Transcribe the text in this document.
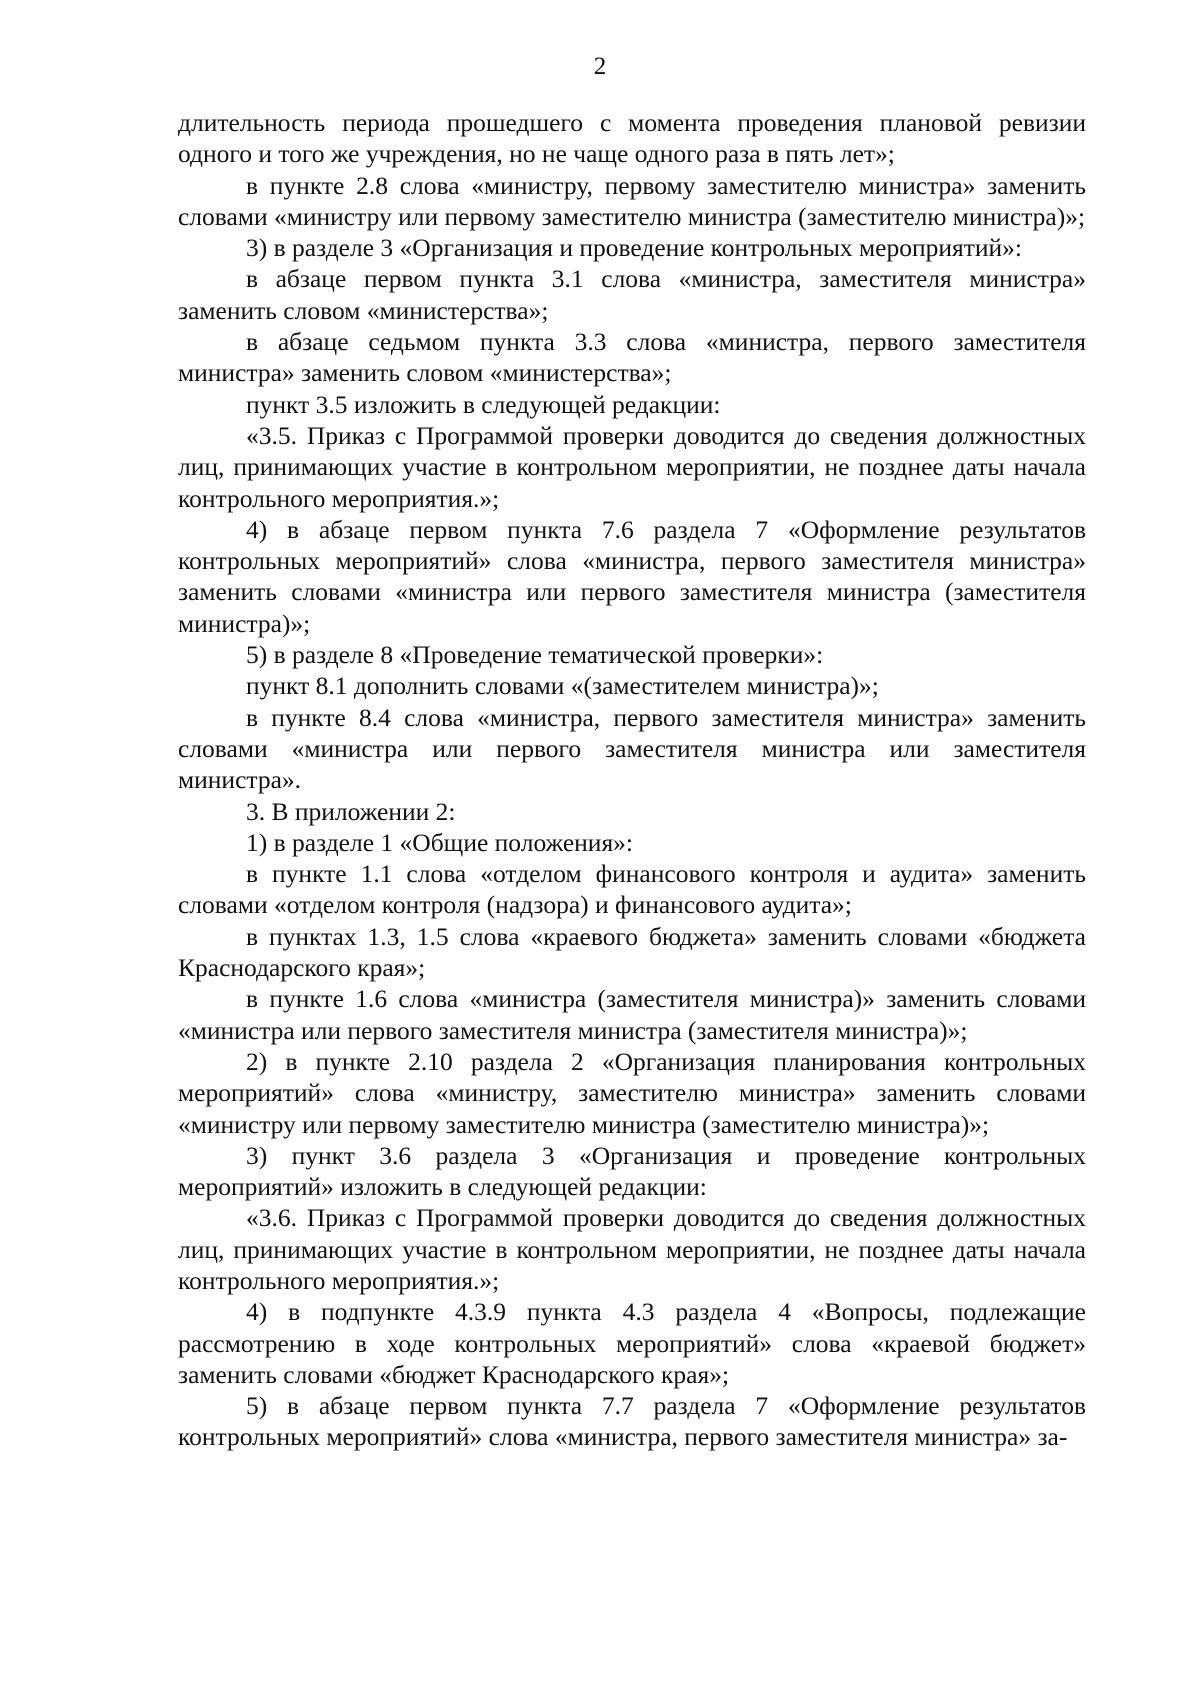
2

длительность периода прошедшего с момента проведения плановой ревизии одного и того же учреждения, но не чаще одного раза в пять лет»;

в пункте 2.8 слова «министру, первому заместителю министра» заменить словами «министру или первому заместителю министра (заместителю министра)»;

3) в разделе 3 «Организация и проведение контрольных мероприятий»:

в абзаце первом пункта 3.1 слова «министра, заместителя министра» заменить словом «министерства»;

в абзаце седьмом пункта 3.3 слова «министра, первого заместителя министра» заменить словом «министерства»;

пункт 3.5 изложить в следующей редакции:

«3.5. Приказ с Программой проверки доводится до сведения должностных лиц, принимающих участие в контрольном мероприятии, не позднее даты начала контрольного мероприятия.»;

4) в абзаце первом пункта 7.6 раздела 7 «Оформление результатов контрольных мероприятий» слова «министра, первого заместителя министра» заменить словами «министра или первого заместителя министра (заместителя министра)»;

5) в разделе 8 «Проведение тематической проверки»:

пункт 8.1 дополнить словами «(заместителем министра)»;

в пункте 8.4 слова «министра, первого заместителя министра» заменить словами «министра или первого заместителя министра или заместителя министра».

3. В приложении 2:

1) в разделе 1 «Общие положения»:

в пункте 1.1 слова «отделом финансового контроля и аудита» заменить словами «отделом контроля (надзора) и финансового аудита»;

в пунктах 1.3, 1.5 слова «краевого бюджета» заменить словами «бюджета Краснодарского края»;

в пункте 1.6 слова «министра (заместителя министра)» заменить словами «министра или первого заместителя министра (заместителя министра)»;

2) в пункте 2.10 раздела 2 «Организация планирования контрольных мероприятий» слова «министру, заместителю министра» заменить словами «министру или первому заместителю министра (заместителю министра)»;

3) пункт 3.6 раздела 3 «Организация и проведение контрольных мероприятий» изложить в следующей редакции:

«3.6. Приказ с Программой проверки доводится до сведения должностных лиц, принимающих участие в контрольном мероприятии, не позднее даты начала контрольного мероприятия.»;

4) в подпункте 4.3.9 пункта 4.3 раздела 4 «Вопросы, подлежащие рассмотрению в ходе контрольных мероприятий» слова «краевой бюджет» заменить словами «бюджет Краснодарского края»;

5) в абзаце первом пункта 7.7 раздела 7 «Оформление результатов контрольных мероприятий» слова «министра, первого заместителя министра» за-
